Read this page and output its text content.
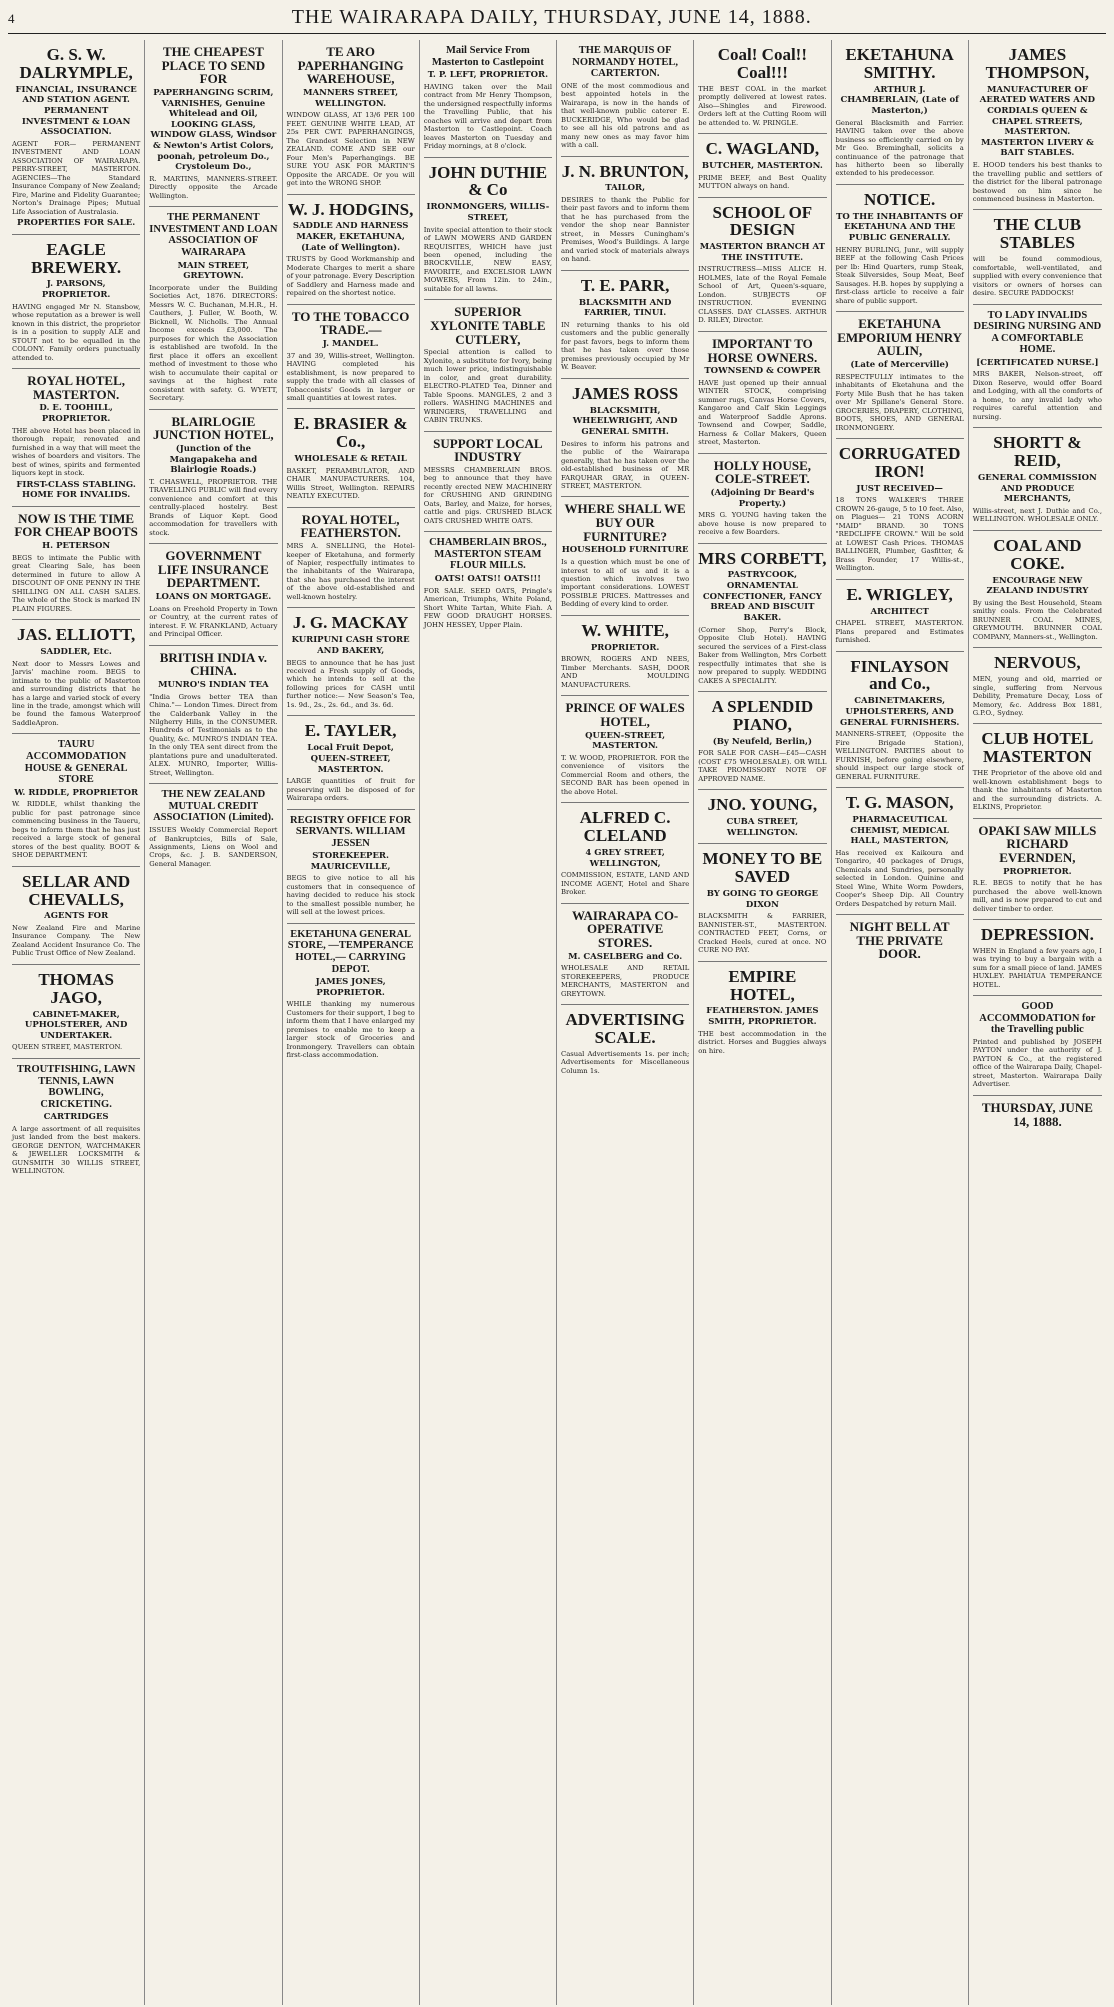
4	THE WAIRARAPA DAILY, THURSDAY, JUNE 14, 1888.
G. S. W. DALRYMPLE,
FINANCIAL, INSURANCE AND STATION AGENT. PERMANENT INVESTMENT & LOAN ASSOCIATION.
AGENT FOR— PERMANENT INVESTMENT AND LOAN ASSOCIATION OF WAIRARAPA. PERRY-STREET, MASTERTON. AGENCIES—The Standard Insurance Company of New Zealand; Fire, Marine and Fidelity Guarantee; Norton's Drainage Pipes; Mutual Life Association of Australasia.
PROPERTIES FOR SALE.
EAGLE BREWERY.
J. PARSONS, PROPRIETOR.
HAVING engaged Mr N. Stansbow, whose reputation as a brewer is well known in this district, the proprietor is in a position to supply ALE and STOUT not to be equalled in the COLONY. Family orders punctually attended to.
ROYAL HOTEL, MASTERTON.
D. E. TOOHILL, PROPRIETOR.
THE above Hotel has been placed in thorough repair, renovated and furnished in a way that will meet the wishes of boarders and visitors. The best of wines, spirits and fermented liquors kept in stock.
FIRST-CLASS STABLING. HOME FOR INVALIDS.
NOW IS THE TIME FOR CHEAP BOOTS
H. PETERSON
BEGS to intimate the Public with great Clearing Sale, has been determined in future to allow A DISCOUNT OF ONE PENNY IN THE SHILLING ON ALL CASH SALES. The whole of the Stock is marked IN PLAIN FIGURES.
JAS. ELLIOTT,
SADDLER, Etc.
Next door to Messrs Lowes and Jarvis' machine room. BEGS to intimate to the public of Masterton and surrounding districts that he has a large and varied stock of every line in the trade, amongst which will be found the famous Waterproof SaddleApron.
TAURU ACCOMMODATION HOUSE & GENERAL STORE
W. RIDDLE, PROPRIETOR
W. RIDDLE, whilst thanking the public for past patronage since commencing business in the Taueru, begs to inform them that he has just received a large stock of general stores of the best quality. BOOT & SHOE DEPARTMENT.
SELLAR AND CHEVALLS,
AGENTS FOR
New Zealand Fire and Marine Insurance Company. The New Zealand Accident Insurance Co. The Public Trust Office of New Zealand.
THOMAS JAGO,
CABINET-MAKER, UPHOLSTERER, AND UNDERTAKER.
QUEEN STREET, MASTERTON.
TROUTFISHING, LAWN TENNIS, LAWN BOWLING, CRICKETING.
CARTRIDGES
A large assortment of all requisites just landed from the best makers. GEORGE DENTON, WATCHMAKER & JEWELLER LOCKSMITH & GUNSMITH 30 WILLIS STREET, WELLINGTON.
THE CHEAPEST PLACE TO SEND FOR
PAPERHANGING SCRIM, VARNISHES, Genuine Whitelead and Oil, LOOKING GLASS, WINDOW GLASS, Windsor & Newton's Artist Colors, poonah, petroleum Do., Crystoleum Do.,
R. MARTINS, MANNERS-STREET. Directly opposite the Arcade Wellington.
THE PERMANENT INVESTMENT AND LOAN ASSOCIATION OF WAIRARAPA
MAIN STREET, GREYTOWN.
Incorporate under the Building Societies Act, 1876. DIRECTORS: Messrs W. C. Buchanan, M.H.R., H. Cauthers, J. Fuller, W. Booth, W. Bicknell, W. Nicholls. The Annual Income exceeds £3,000. The purposes for which the Association is established are twofold. In the first place it offers an excellent method of investment to those who wish to accumulate their capital or savings at the highest rate consistent with safety. G. WYETT, Secretary.
BLAIRLOGIE JUNCTION HOTEL,
(Junction of the Mangapakeha and Blairlogie Roads.)
T. CHASWELL, PROPRIETOR. THE TRAVELLING PUBLIC will find every convenience and comfort at this centrally-placed hostelry. Best Brands of Liquor Kept. Good accommodation for travellers with stock.
GOVERNMENT LIFE INSURANCE DEPARTMENT.
LOANS ON MORTGAGE.
Loans on Freehold Property in Town or Country, at the current rates of interest. F. W. FRANKLAND, Actuary and Principal Officer.
BRITISH INDIA v. CHINA.
MUNRO'S INDIAN TEA
"India Grows better TEA than China."— London Times. Direct from the Calderbank Valley in the Nilgherry Hills, in the CONSUMER. Hundreds of Testimonials as to the Quality, &c. MUNRO'S INDIAN TEA. In the only TEA sent direct from the plantations pure and unadulterated. ALEX. MUNRO, Importer, Willis-Street, Wellington.
THE NEW ZEALAND MUTUAL CREDIT ASSOCIATION (Limited).
ISSUES Weekly Commercial Report of Bankruptcies, Bills of Sale, Assignments, Liens on Wool and Crops, &c. J. B. SANDERSON, General Manager.
TE ARO PAPERHANGING WAREHOUSE,
MANNERS STREET, WELLINGTON.
WINDOW GLASS, AT 13/6 PER 100 FEET. GENUINE WHITE LEAD, AT 25s PER CWT. PAPERHANGINGS, The Grandest Selection in NEW ZEALAND. COME AND SEE our Four Men's Paperhangings. BE SURE YOU ASK FOR MARTIN'S Opposite the ARCADE. Or you will get into the WRONG SHOP.
W. J. HODGINS,
SADDLE AND HARNESS MAKER, EKETAHUNA, (Late of Wellington).
TRUSTS by Good Workmanship and Moderate Charges to merit a share of your patronage. Every Description of Saddlery and Harness made and repaired on the shortest notice.
TO THE TOBACCO TRADE.—
J. MANDEL.
37 and 39, Willis-street, Wellington. HAVING completed his establishment, is now prepared to supply the trade with all classes of Tobacconists' Goods in larger or small quantities at lowest rates.
E. BRASIER & Co.,
WHOLESALE & RETAIL
BASKET, PERAMBULATOR, AND CHAIR MANUFACTURERS. 104, Willis Street, Wellington. REPAIRS NEATLY EXECUTED.
ROYAL HOTEL, FEATHERSTON.
MRS A. SNELLING, the Hotel-keeper of Eketahuna, and formerly of Napier, respectfully intimates to the inhabitants of the Wairarapa, that she has purchased the interest of the above old-established and well-known hostelry.
J. G. MACKAY
KURIPUNI CASH STORE AND BAKERY,
BEGS to announce that he has just received a Fresh supply of Goods, which he intends to sell at the following prices for CASH until further notice:— New Season's Tea, 1s. 9d., 2s., 2s. 6d., and 3s. 6d.
E. TAYLER,
Local Fruit Depot, QUEEN-STREET, MASTERTON.
LARGE quantities of fruit for preserving will be disposed of for Wairarapa orders.
REGISTRY OFFICE FOR SERVANTS. WILLIAM JESSEN
STOREKEEPER. MAURICEVILLE,
BEGS to give notice to all his customers that in consequence of having decided to reduce his stock to the smallest possible number, he will sell at the lowest prices.
EKETAHUNA GENERAL STORE, —TEMPERANCE HOTEL,— CARRYING DEPOT.
JAMES JONES, PROPRIETOR.
WHILE thanking my numerous Customers for their support, I beg to inform them that I have enlarged my premises to enable me to keep a larger stock of Groceries and Ironmongery. Travellers can obtain first-class accommodation.
Mail Service From Masterton to Castlepoint
T. P. LEFT, PROPRIETOR.
HAVING taken over the Mail contract from Mr Henry Thompson, the undersigned respectfully informs the Travelling Public, that his coaches will arrive and depart from Masterton to Castlepoint. Coach leaves Masterton on Tuesday and Friday mornings, at 8 o'clock.
JOHN DUTHIE & Co
IRONMONGERS, WILLIS-STREET,
Invite special attention to their stock of LAWN MOWERS AND GARDEN REQUISITES, WHICH have just been opened, including the BROCKVILLE, NEW EASY, FAVORITE, and EXCELSIOR LAWN MOWERS, From 12in. to 24in., suitable for all lawns.
SUPERIOR XYLONITE TABLE CUTLERY,
Special attention is called to Xylonite, a substitute for Ivory, being much lower price, indistinguishable in color, and great durability. ELECTRO-PLATED Tea, Dinner and Table Spoons. MANGLES, 2 and 3 rollers. WASHING MACHINES and WRINGERS, TRAVELLING and CABIN TRUNKS.
SUPPORT LOCAL INDUSTRY
MESSRS CHAMBERLAIN BROS. beg to announce that they have recently erected NEW MACHINERY for CRUSHING AND GRINDING Oats, Barley, and Maize, for horses, cattle and pigs. CRUSHED BLACK OATS CRUSHED WHITE OATS.
CHAMBERLAIN BROS., MASTERTON STEAM FLOUR MILLS.
OATS! OATS!! OATS!!!
FOR SALE. SEED OATS, Pringle's American, Triumphs, White Poland, Short White Tartan, White Fiah. A FEW GOOD DRAUGHT HORSES. JOHN HESSEY, Upper Plain.
THE MARQUIS OF NORMANDY HOTEL, CARTERTON.
ONE of the most commodious and best appointed hotels in the Wairarapa, is now in the hands of that well-known public caterer E. BUCKERIDGE, Who would be glad to see all his old patrons and as many new ones as may favor him with a call.
J. N. BRUNTON,
TAILOR,
DESIRES to thank the Public for their past favors and to inform them that he has purchased from the vendor the shop near Bannister street, in Messrs Cuningham's Premises, Wood's Buildings. A large and varied stock of materials always on hand.
T. E. PARR,
BLACKSMITH AND FARRIER, TINUI.
IN returning thanks to his old customers and the public generally for past favors, begs to inform them that he has taken over those premises previously occupied by Mr W. Beaver.
JAMES ROSS
BLACKSMITH, WHEELWRIGHT, AND GENERAL SMITH.
Desires to inform his patrons and the public of the Wairarapa generally, that he has taken over the old-established business of MR FARQUHAR GRAY, in QUEEN-STREET, MASTERTON.
WHERE SHALL WE BUY OUR FURNITURE?
HOUSEHOLD FURNITURE
Is a question which must be one of interest to all of us and it is a question which involves two important considerations. LOWEST POSSIBLE PRICES. Mattresses and Bedding of every kind to order.
W. WHITE,
PROPRIETOR.
BROWN, ROGERS AND NEES, Timber Merchants. SASH, DOOR AND MOULDING MANUFACTURERS.
PRINCE OF WALES HOTEL,
QUEEN-STREET, MASTERTON.
T. W. WOOD, PROPRIETOR. FOR the convenience of visitors the Commercial Room and others, the SECOND BAR has been opened in the above Hotel.
ALFRED C. CLELAND
4 GREY STREET, WELLINGTON,
COMMISSION, ESTATE, LAND AND INCOME AGENT, Hotel and Share Broker.
WAIRARAPA CO-OPERATIVE STORES.
M. CASELBERG and Co.
WHOLESALE AND RETAIL STOREKEEPERS, PRODUCE MERCHANTS, MASTERTON and GREYTOWN.
ADVERTISING SCALE.
Casual Advertisements 1s. per inch; Advertisements for Miscellaneous Column 1s.
Coal! Coal!! Coal!!!
THE BEST COAL in the market promptly delivered at lowest rates. Also—Shingles and Firewood. Orders left at the Cutting Room will be attended to. W. PRINGLE.
C. WAGLAND,
BUTCHER, MASTERTON.
PRIME BEEF, and Best Quality MUTTON always on hand.
SCHOOL OF DESIGN
MASTERTON BRANCH AT THE INSTITUTE.
INSTRUCTRESS—MISS ALICE H. HOLMES, late of the Royal Female School of Art, Queen's-square, London. SUBJECTS OF INSTRUCTION. EVENING CLASSES. DAY CLASSES. ARTHUR D. RILEY, Director.
IMPORTANT TO HORSE OWNERS.
TOWNSEND & COWPER
HAVE just opened up their annual WINTER STOCK, comprising summer rugs, Canvas Horse Covers, Kangaroo and Calf Skin Leggings and Waterproof Saddle Aprons. Townsend and Cowper, Saddle, Harness & Collar Makers, Queen street, Masterton.
HOLLY HOUSE, COLE-STREET.
(Adjoining Dr Beard's Property.)
MRS G. YOUNG having taken the above house is now prepared to receive a few Boarders.
MRS CORBETT,
PASTRYCOOK, ORNAMENTAL CONFECTIONER, FANCY BREAD AND BISCUIT BAKER.
(Corner Shop, Perry's Block, Opposite Club Hotel). HAVING secured the services of a First-class Baker from Wellington, Mrs Corbett respectfully intimates that she is now prepared to supply. WEDDING CAKES A SPECIALITY.
A SPLENDID PIANO,
(By Neufeld, Berlin,)
FOR SALE FOR CASH—£45—CASH (COST £75 WHOLESALE). OR WILL TAKE PROMISSORY NOTE OF APPROVED NAME.
JNO. YOUNG,
CUBA STREET, WELLINGTON.
MONEY TO BE SAVED
BY GOING TO GEORGE DIXON
BLACKSMITH & FARRIER, BANNISTER-ST., MASTERTON. CONTRACTED FEET, Corns, or Cracked Heels, cured at once. NO CURE NO PAY.
EMPIRE HOTEL,
FEATHERSTON. JAMES SMITH, PROPRIETOR.
THE best accommodation in the district. Horses and Buggies always on hire.
EKETAHUNA SMITHY.
ARTHUR J. CHAMBERLAIN, (Late of Masterton,)
General Blacksmith and Farrier. HAVING taken over the above business so efficiently carried on by Mr Geo. Breminghall, solicits a continuance of the patronage that has hitherto been so liberally extended to his predecessor.
NOTICE.
TO THE INHABITANTS OF EKETAHUNA AND THE PUBLIC GENERALLY.
HENRY BURLING, Junr., will supply BEEF at the following Cash Prices per lb: Hind Quarters, rump Steak, Steak Silversides, Soup Meat, Beef Sausages. H.B. hopes by supplying a first-class article to receive a fair share of public support.
EKETAHUNA EMPORIUM HENRY AULIN,
(Late of Mercerville)
RESPECTFULLY intimates to the inhabitants of Eketahuna and the Forty Mile Bush that he has taken over Mr Spillane's General Store. GROCERIES, DRAPERY, CLOTHING, BOOTS, SHOES, AND GENERAL IRONMONGERY.
CORRUGATED IRON!
JUST RECEIVED—
18 TONS WALKER'S THREE CROWN 26-gauge, 5 to 10 feet. Also, on Plagues— 21 TONS ACORN "MAID" BRAND. 30 TONS "REDCLIFFE CROWN." Will be sold at LOWEST Cash Prices. THOMAS BALLINGER, Plumber, Gasfitter, & Brass Founder, 17 Willis-st., Wellington.
E. WRIGLEY,
ARCHITECT
CHAPEL STREET, MASTERTON. Plans prepared and Estimates furnished.
FINLAYSON and Co.,
CABINETMAKERS, UPHOLSTERERS, AND GENERAL FURNISHERS.
MANNERS-STREET, (Opposite the Fire Brigade Station), WELLINGTON. PARTIES about to FURNISH, before going elsewhere, should inspect our large stock of GENERAL FURNITURE.
T. G. MASON,
PHARMACEUTICAL CHEMIST, MEDICAL HALL, MASTERTON,
Has received ex Kaikoura and Tongariro, 40 packages of Drugs, Chemicals and Sundries, personally selected in London. Quinine and Steel Wine, White Worm Powders, Cooper's Sheep Dip. All Country Orders Despatched by return Mail.
NIGHT BELL AT THE PRIVATE DOOR.
JAMES THOMPSON,
MANUFACTURER OF AERATED WATERS AND CORDIALS QUEEN & CHAPEL STREETS, MASTERTON. MASTERTON LIVERY & BAIT STABLES.
E. HOOD tenders his best thanks to the travelling public and settlers of the district for the liberal patronage bestowed on him since he commenced business in Masterton.
THE CLUB STABLES
will be found commodious, comfortable, well-ventilated, and supplied with every convenience that visitors or owners of horses can desire. SECURE PADDOCKS!
TO LADY INVALIDS DESIRING NURSING AND A COMFORTABLE HOME.
[CERTIFICATED NURSE.]
MRS BAKER, Nelson-street, off Dixon Reserve, would offer Board and Lodging, with all the comforts of a home, to any invalid lady who requires careful attention and nursing.
SHORTT & REID,
GENERAL COMMISSION AND PRODUCE MERCHANTS,
Willis-street, next J. Duthie and Co., WELLINGTON. WHOLESALE ONLY.
COAL AND COKE.
ENCOURAGE NEW ZEALAND INDUSTRY
By using the Best Household, Steam smithy coals. From the Celebrated BRUNNER COAL MINES, GREYMOUTH. BRUNNER COAL COMPANY, Manners-st., Wellington.
NERVOUS,
MEN, young and old, married or single, suffering from Nervous Debility, Premature Decay, Loss of Memory, &c. Address Box 1881, G.P.O., Sydney.
CLUB HOTEL MASTERTON
THE Proprietor of the above old and well-known establishment begs to thank the inhabitants of Masterton and the surrounding districts. A. ELKINS, Proprietor.
OPAKI SAW MILLS RICHARD EVERNDEN,
PROPRIETOR.
R.E. BEGS to notify that he has purchased the above well-known mill, and is now prepared to cut and deliver timber to order.
DEPRESSION.
WHEN in England a few years ago, I was trying to buy a bargain with a sum for a small piece of land. JAMES HUXLEY. PAHIATUA TEMPERANCE HOTEL.
GOOD ACCOMMODATION for the Travelling public
Printed and published by JOSEPH PAYTON under the authority of J. PAYTON & Co., at the registered office of the Wairarapa Daily, Chapel-street, Masterton. Wairarapa Daily Advertiser.
THURSDAY, JUNE 14, 1888.
